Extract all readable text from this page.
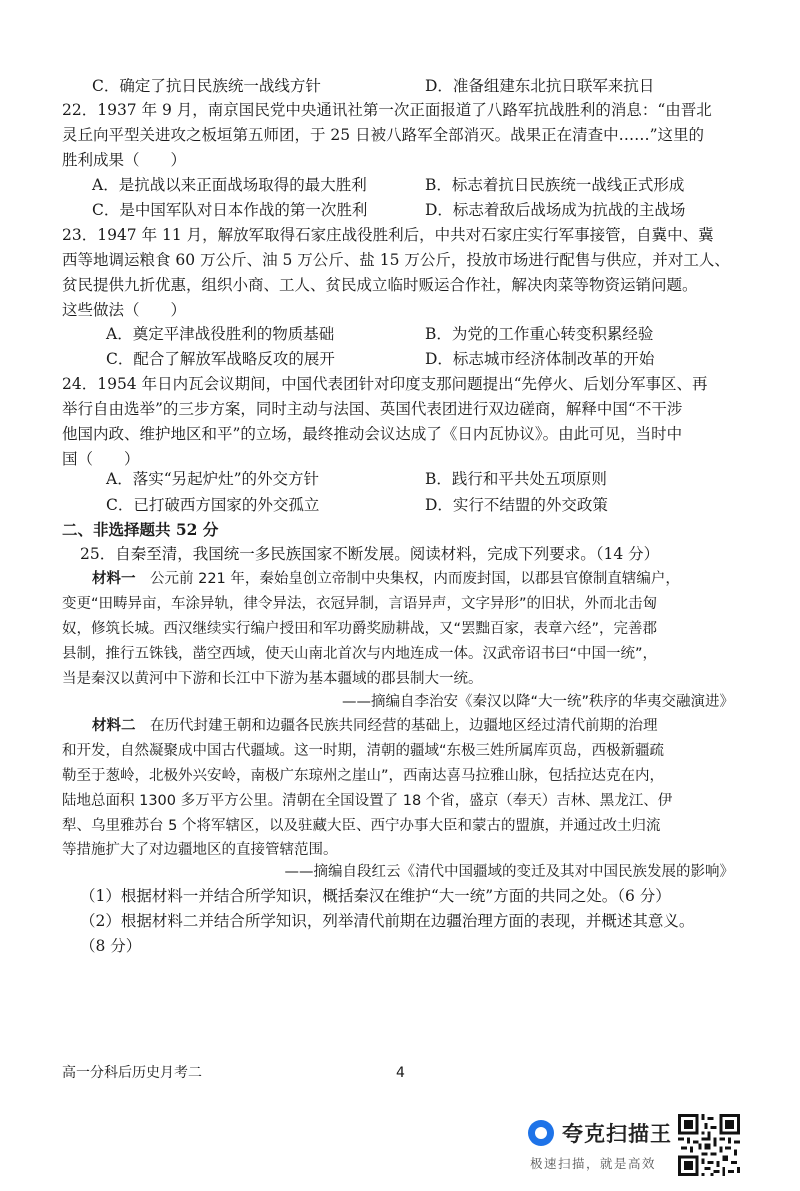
C．确定了抗日民族统一战线方针	D．准备组建东北抗日联军来抗日
22．1937 年 9 月，南京国民党中央通讯社第一次正面报道了八路军抗战胜利的消息：“由晋北
灵丘向平型关进攻之板垣第五师团，于 25 日被八路军全部消灭。战果正在清查中……”这里的
胜利成果（　　）
A．是抗战以来正面战场取得的最大胜利	B．标志着抗日民族统一战线正式形成
C．是中国军队对日本作战的第一次胜利	D．标志着敌后战场成为抗战的主战场
23．1947 年 11 月，解放军取得石家庄战役胜利后，中共对石家庄实行军事接管，自冀中、冀
西等地调运粮食 60 万公斤、油 5 万公斤、盐 15 万公斤，投放市场进行配售与供应，并对工人、
贫民提供九折优惠，组织小商、工人、贫民成立临时贩运合作社，解决肉菜等物资运销问题。
这些做法（　　）
A．奠定平津战役胜利的物质基础	B．为党的工作重心转变积累经验
C．配合了解放军战略反攻的展开	D．标志城市经济体制改革的开始
24．1954 年日内瓦会议期间，中国代表团针对印度支那问题提出“先停火、后划分军事区、再
举行自由选举”的三步方案，同时主动与法国、英国代表团进行双边磋商，解释中国“不干涉
他国内政、维护地区和平”的立场，最终推动会议达成了《日内瓦协议》。由此可见，当时中
国（　　）
A．落实“另起炉灶”的外交方针	B．践行和平共处五项原则
C．已打破西方国家的外交孤立	D．实行不结盟的外交政策
二、非选择题共 52 分
25．自秦至清，我国统一多民族国家不断发展。阅读材料，完成下列要求。（14 分）
材料一　公元前 221 年，秦始皇创立帝制中央集权，内而废封国，以郡县官僚制直辖编户，
变更“田畴异亩，车涂异轨，律令异法，衣冠异制，言语异声，文字异形”的旧状，外而北击匈
奴，修筑长城。西汉继续实行编户授田和军功爵奖励耕战，又“罢黜百家，表章六经”，完善郡
县制，推行五铢钱，凿空西域，使天山南北首次与内地连成一体。汉武帝诏书曰“中国一统”，
当是秦汉以黄河中下游和长江中下游为基本疆域的郡县制大一统。
——摘编自李治安《秦汉以降“大一统”秩序的华夷交融演进》
材料二　在历代封建王朝和边疆各民族共同经营的基础上，边疆地区经过清代前期的治理
和开发，自然凝聚成中国古代疆域。这一时期，清朝的疆域“东极三姓所属库页岛，西极新疆疏
勒至于葱岭，北极外兴安岭，南极广东琼州之崖山”，西南达喜马拉雅山脉，包括拉达克在内，
陆地总面积 1300 多万平方公里。清朝在全国设置了 18 个省，盛京（奉天）吉林、黑龙江、伊
犁、乌里雅苏台 5 个将军辖区，以及驻藏大臣、西宁办事大臣和蒙古的盟旗，并通过改土归流
等措施扩大了对边疆地区的直接管辖范围。
——摘编自段红云《清代中国疆域的变迁及其对中国民族发展的影响》
（1）根据材料一并结合所学知识，概括秦汉在维护“大一统”方面的共同之处。（6 分）
（2）根据材料二并结合所学知识，列举清代前期在边疆治理方面的表现，并概述其意义。
（8 分）
高一分科后历史月考二	4
夸克扫描王
极速扫描，就是高效
